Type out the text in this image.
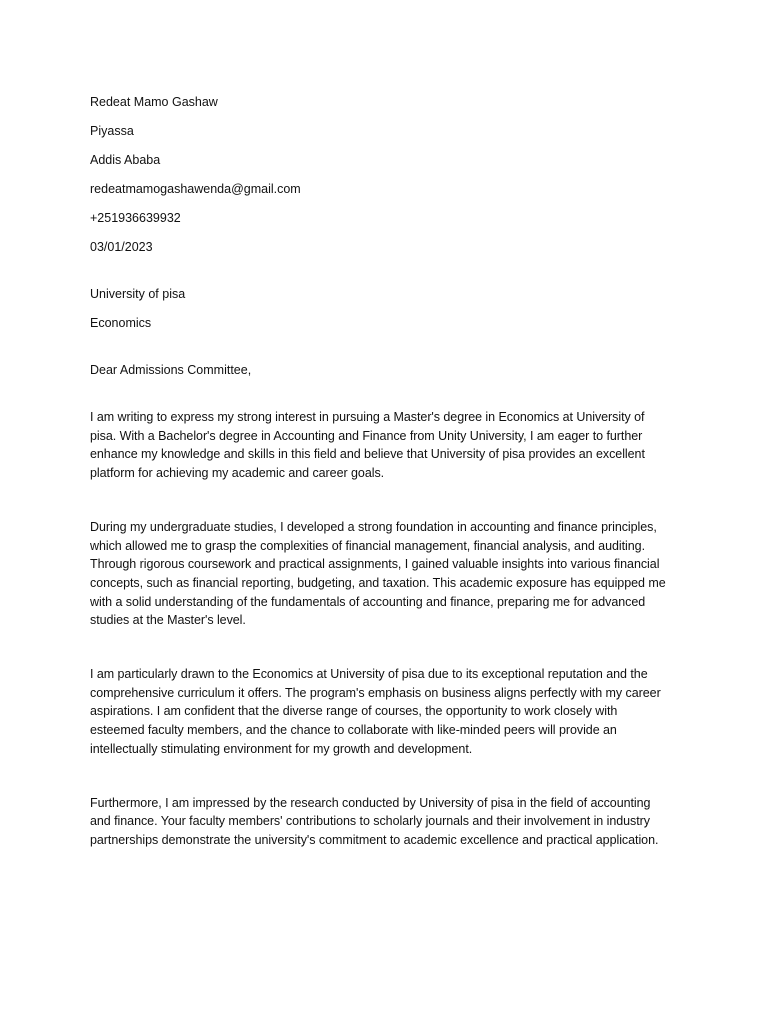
Redeat Mamo Gashaw
Piyassa
Addis Ababa
redeatmamogashawenda@gmail.com
+251936639932
03/01/2023
University of pisa
Economics
Dear Admissions Committee,

I am writing to express my strong interest in pursuing a Master's degree in Economics at University of
pisa. With a Bachelor's degree in Accounting and Finance from Unity University, I am eager to further
enhance my knowledge and skills in this field and believe that University of pisa provides an excellent
platform for achieving my academic and career goals.

During my undergraduate studies, I developed a strong foundation in accounting and finance principles,
which allowed me to grasp the complexities of financial management, financial analysis, and auditing.
Through rigorous coursework and practical assignments, I gained valuable insights into various financial
concepts, such as financial reporting, budgeting, and taxation. This academic exposure has equipped me
with a solid understanding of the fundamentals of accounting and finance, preparing me for advanced
studies at the Master's level.

I am particularly drawn to the Economics at University of pisa due to its exceptional reputation and the
comprehensive curriculum it offers. The program's emphasis on business aligns perfectly with my career
aspirations. I am confident that the diverse range of courses, the opportunity to work closely with
esteemed faculty members, and the chance to collaborate with like-minded peers will provide an
intellectually stimulating environment for my growth and development.

Furthermore, I am impressed by the research conducted by University of pisa in the field of accounting
and finance. Your faculty members' contributions to scholarly journals and their involvement in industry
partnerships demonstrate the university's commitment to academic excellence and practical application.
